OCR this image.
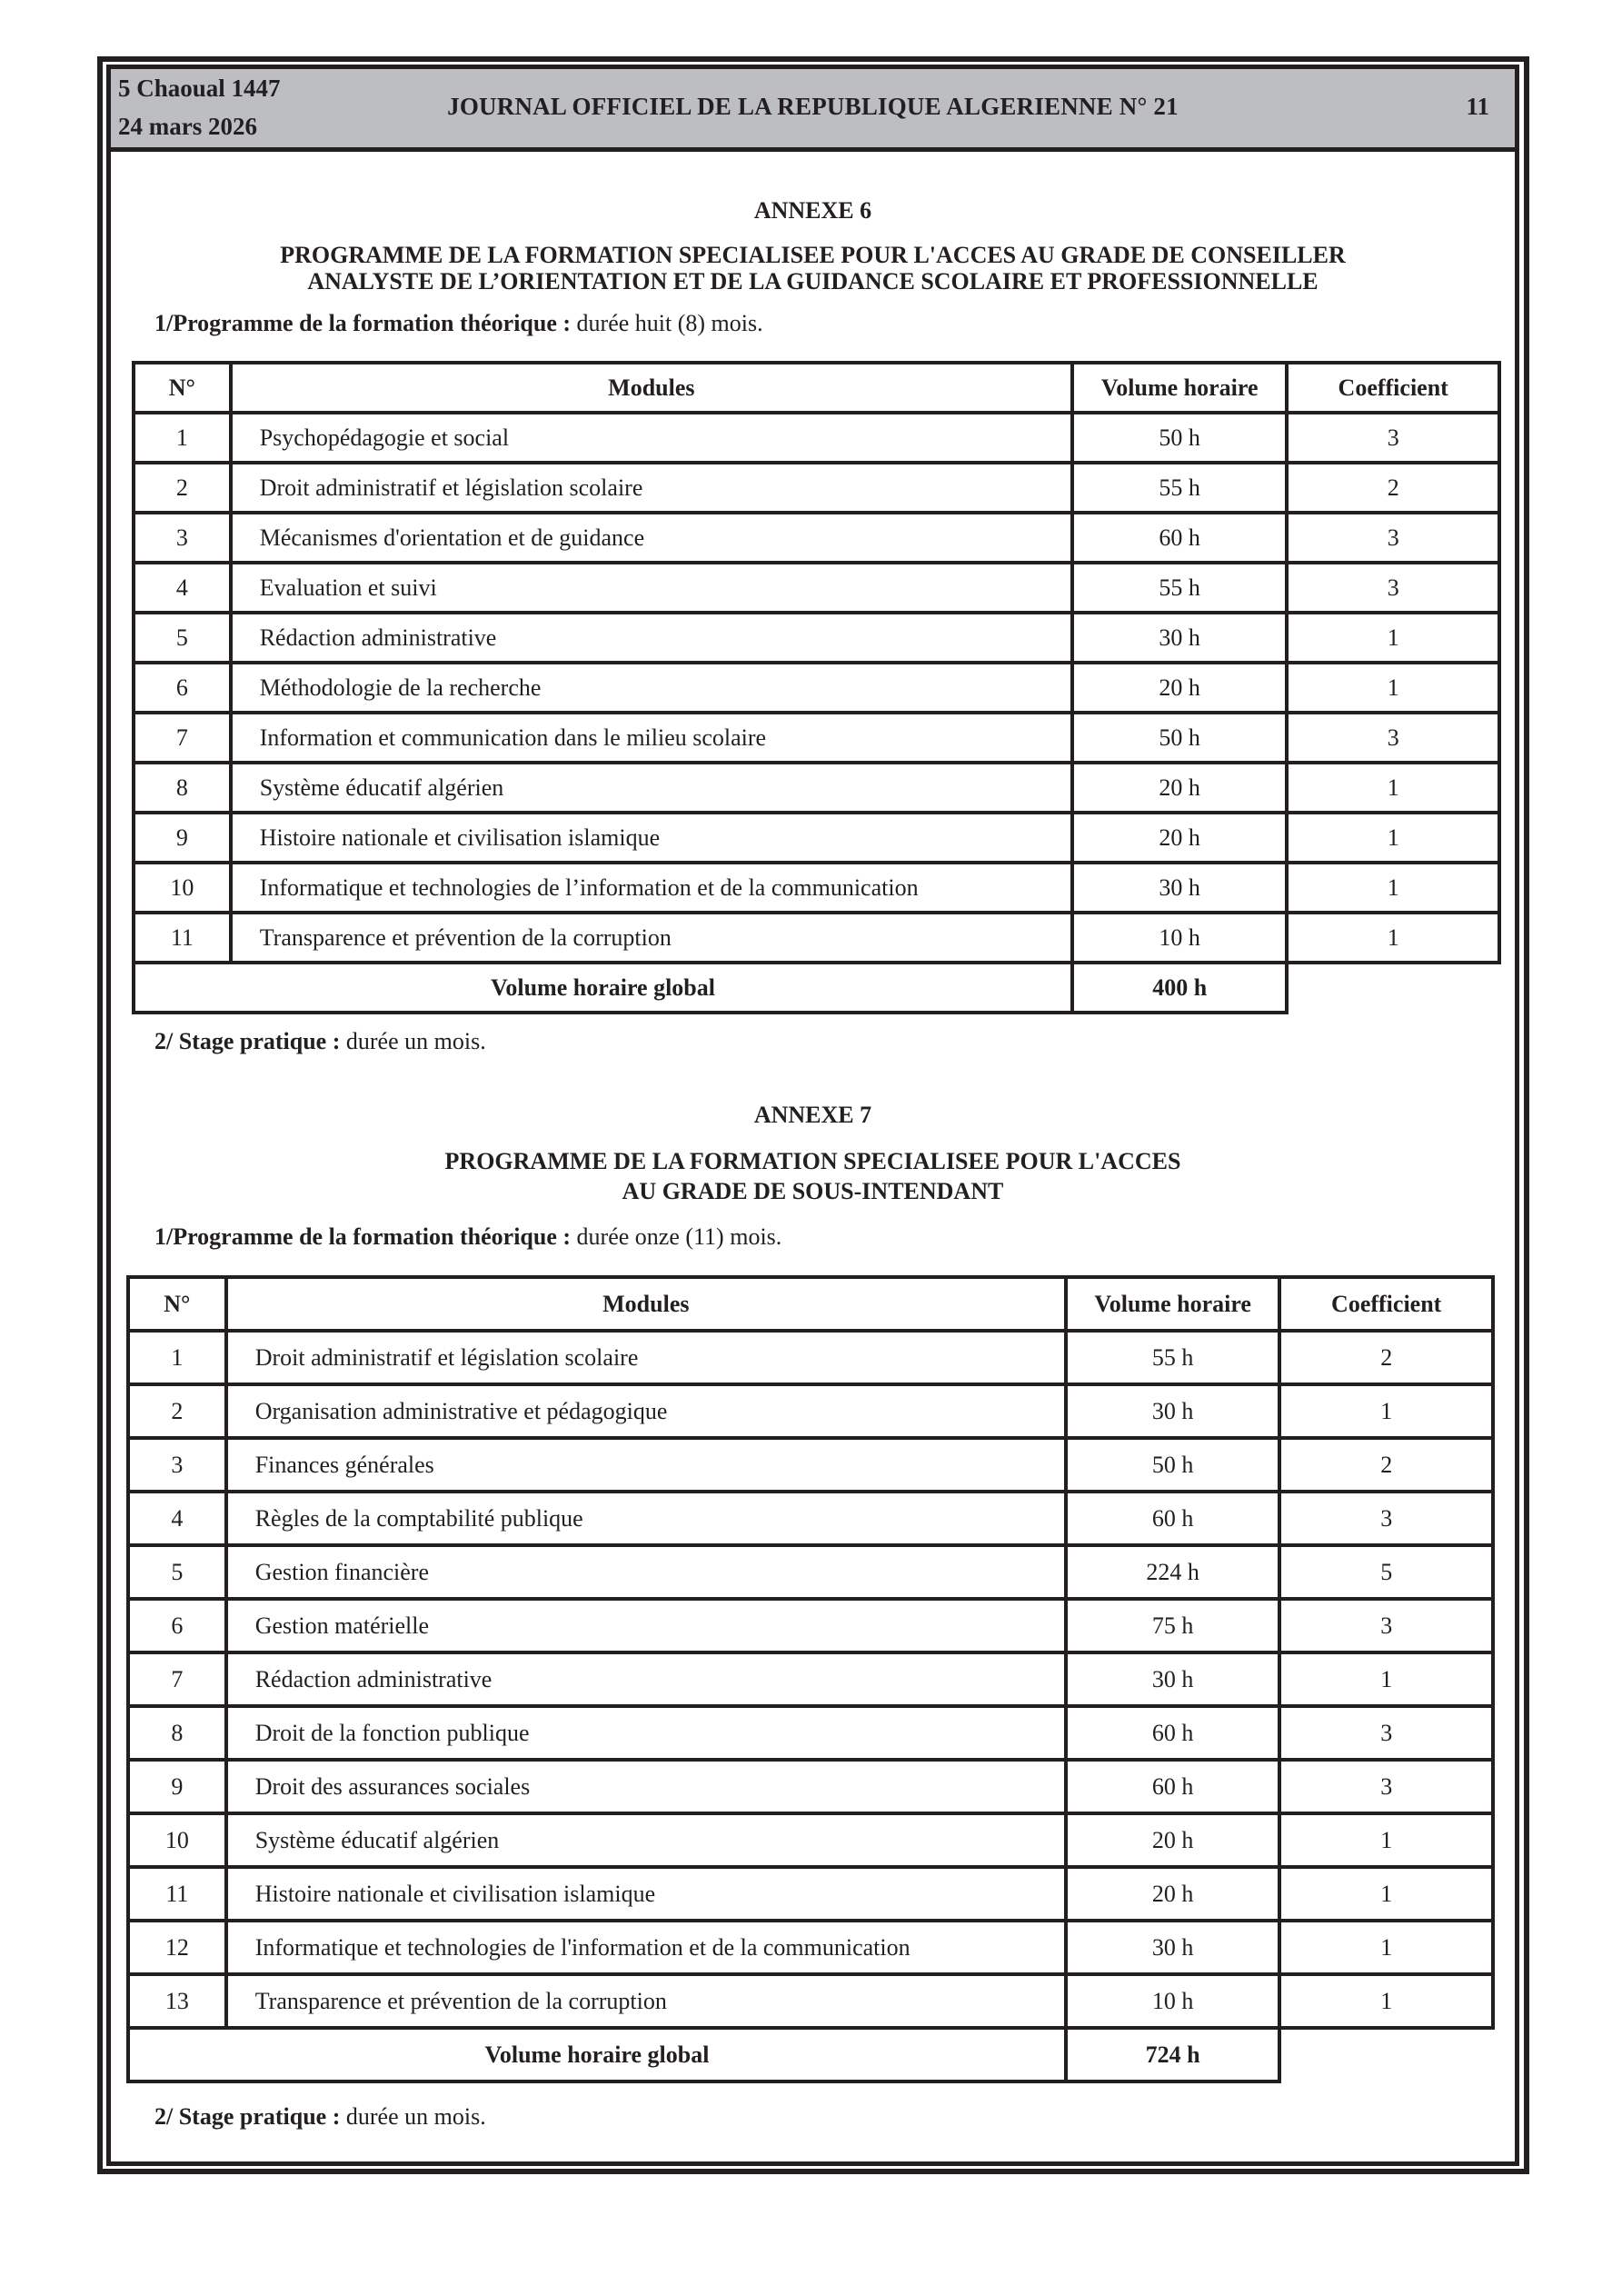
5 Chaoual 1447
24 mars 2026
JOURNAL OFFICIEL DE LA REPUBLIQUE ALGERIENNE N° 21	11
ANNEXE 6
PROGRAMME DE LA FORMATION SPECIALISEE POUR L'ACCES AU GRADE DE CONSEILLER
ANALYSTE DE L’ORIENTATION ET DE LA GUIDANCE SCOLAIRE ET PROFESSIONNELLE
1/Programme de la formation théorique : durée huit (8) mois.
N°	Modules	Volume horaire	Coefficient
1	Psychopédagogie et social	50 h	3
2	Droit administratif et législation scolaire	55 h	2
3	Mécanismes d'orientation et de guidance	60 h	3
4	Evaluation et suivi	55 h	3
5	Rédaction administrative	30 h	1
6	Méthodologie de la recherche	20 h	1
7	Information et communication dans le milieu scolaire	50 h	3
8	Système éducatif algérien	20 h	1
9	Histoire nationale et civilisation islamique	20 h	1
10	Informatique et technologies de l’information et de la communication	30 h	1
11	Transparence et prévention de la corruption	10 h	1
Volume horaire global		400 h	
2/ Stage pratique : durée un mois.
ANNEXE 7
PROGRAMME DE LA FORMATION SPECIALISEE POUR L'ACCES
AU GRADE DE SOUS-INTENDANT
1/Programme de la formation théorique : durée onze (11) mois.
N°	Modules	Volume horaire	Coefficient
1	Droit administratif et législation scolaire	55 h	2
2	Organisation administrative et pédagogique	30 h	1
3	Finances générales	50 h	2
4	Règles de la comptabilité publique	60 h	3
5	Gestion financière	224 h	5
6	Gestion matérielle	75 h	3
7	Rédaction administrative	30 h	1
8	Droit de la fonction publique	60 h	3
9	Droit des assurances sociales	60 h	3
10	Système éducatif algérien	20 h	1
11	Histoire nationale et civilisation islamique	20 h	1
12	Informatique et technologies de l'information et de la communication	30 h	1
13	Transparence et prévention de la corruption	10 h	1
Volume horaire global		724 h	
2/ Stage pratique : durée un mois.
